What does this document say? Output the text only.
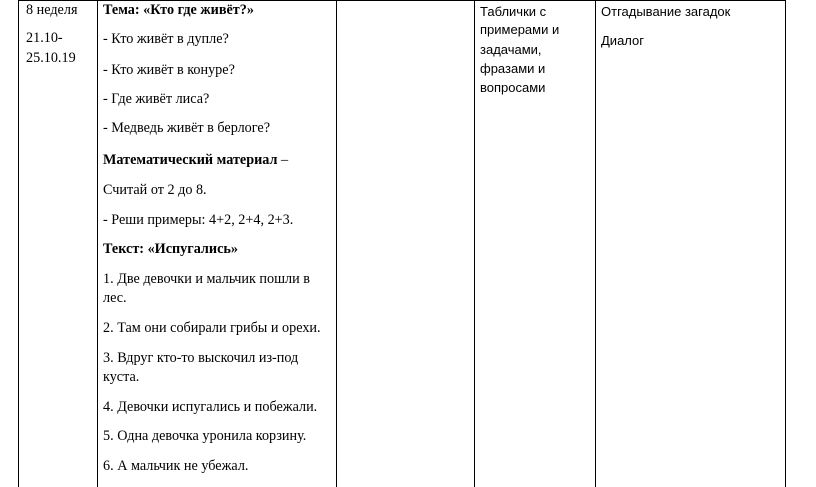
8 неделя
21.10-
25.10.19
Тема: «Кто где живёт?»
- Кто живёт в дупле?
- Кто живёт в конуре?
- Где живёт лиса?
- Медведь живёт в берлоге?
Математический материал –
Считай от 2 до 8.
- Реши примеры: 4+2, 2+4, 2+3.
Текст: «Испугались»
1. Две девочки и мальчик пошли в
лес.
2. Там они собирали грибы и орехи.
3. Вдруг кто-то выскочил из-под
куста.
4. Девочки испугались и побежали.
5. Одна девочка уронила корзину.
6. А мальчик не убежал.
Таблички с
примерами и
задачами,
фразами и
вопросами
Отгадывание загадок
Диалог
